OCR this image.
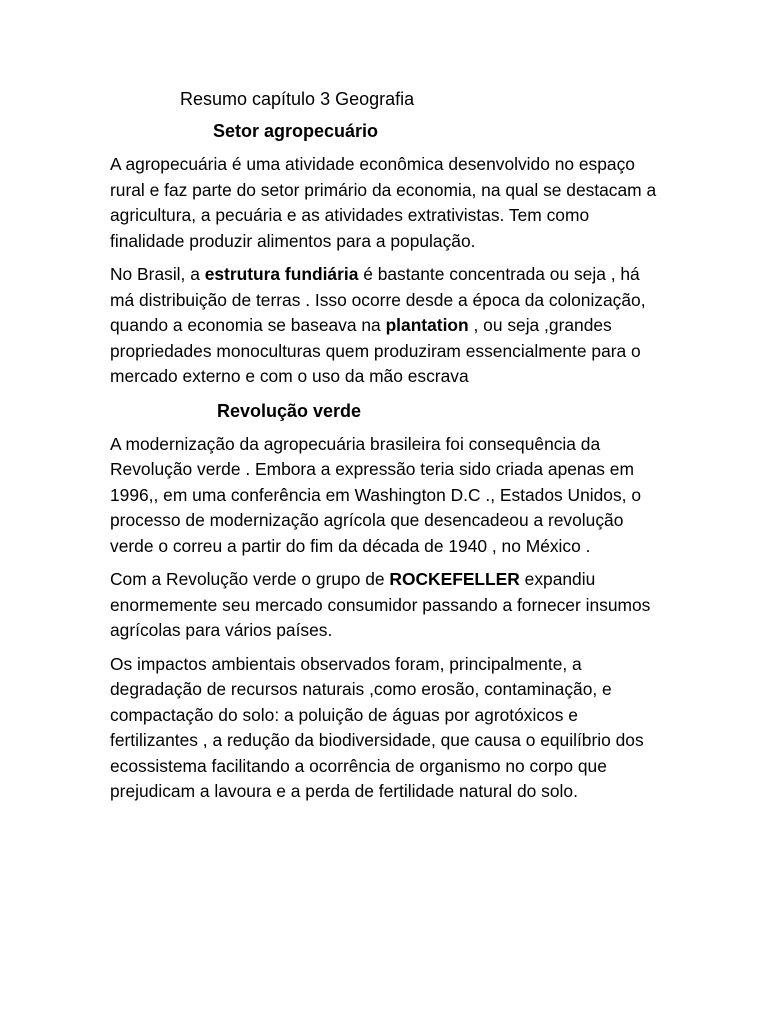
Resumo capítulo 3 Geografia
Setor agropecuário

A agropecuária é uma atividade econômica desenvolvido no espaço rural e faz parte do setor primário da economia, na qual se destacam a agricultura, a pecuária e as atividades extrativistas. Tem como finalidade produzir alimentos para a população.

No Brasil, a estrutura fundiária é bastante concentrada ou seja , há má distribuição de terras . Isso ocorre desde a época da colonização, quando a economia se baseava na plantation , ou seja ,grandes propriedades monoculturas quem produziram essencialmente para o mercado externo e com o uso da mão escrava

Revolução verde

A modernização da agropecuária brasileira foi consequência da Revolução verde . Embora a expressão teria sido criada apenas em 1996,, em uma conferência em Washington D.C ., Estados Unidos, o processo de modernização agrícola que desencadeou a revolução verde o correu a partir do fim da década de 1940 , no México .

Com a Revolução verde o grupo de ROCKEFELLER expandiu enormemente seu mercado consumidor passando a fornecer insumos agrícolas para vários países.

Os impactos ambientais observados foram, principalmente, a degradação de recursos naturais ,como erosão, contaminação, e compactação do solo: a poluição de águas por agrotóxicos e fertilizantes , a redução da biodiversidade, que causa o equilíbrio dos ecossistema facilitando a ocorrência de organismo no corpo que prejudicam a lavoura e a perda de fertilidade natural do solo.
